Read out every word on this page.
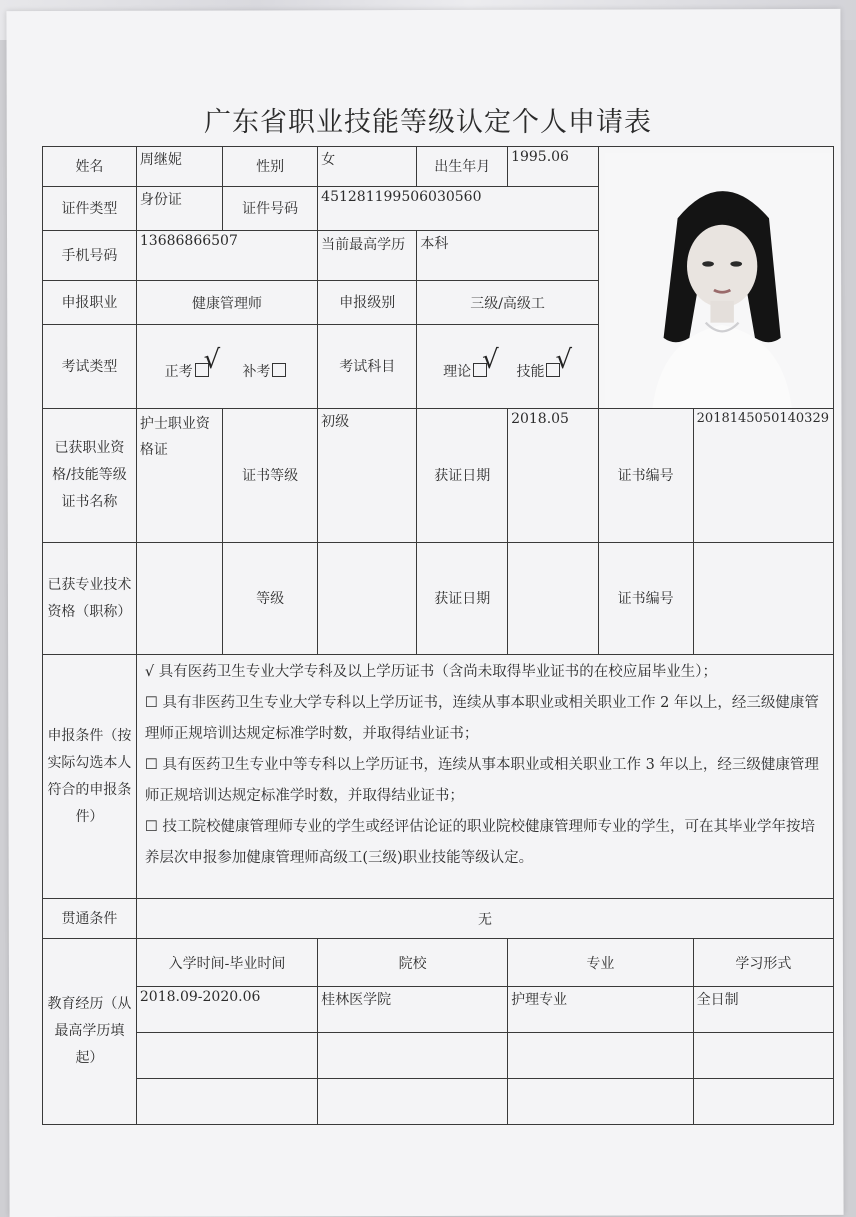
广东省职业技能等级认定个人申请表
姓名	周继妮	性别	女	出生年月	1995.06	

证件类型	身份证	证件号码	451281199506030560				
手机号码	13686866507		当前最高学历	本科			
申报职业	健康管理师		申报级别	三级/高级工			
考试类型	正考 √ 补考		考试科目	理论 √ 技能 √			
已获职业资格/技能等级证书名称	护士职业资格证	证书等级	初级	获证日期	2018.05	证书编号	2018145050140329
已获专业技术资格（职称）		等级		获证日期		证书编号	
申报条件（按实际勾选本人符合的申报条件）	√ 具有医药卫生专业大学专科及以上学历证书（含尚未取得毕业证书的在校应届毕业生）；

☐ 具有非医药卫生专业大学专科以上学历证书，连续从事本职业或相关职业工作 2 年以上，经三级健康管理师正规培训达规定标准学时数，并取得结业证书；

☐ 具有医药卫生专业中等专科以上学历证书，连续从事本职业或相关职业工作 3 年以上，经三级健康管理师正规培训达规定标准学时数，并取得结业证书；

☐ 技工院校健康管理师专业的学生或经评估论证的职业院校健康管理师专业的学生，可在其毕业学年按培养层次申报参加健康管理师高级工(三级)职业技能等级认定。						

贯通条件	无						
教育经历（从最高学历填起）	入学时间-毕业时间		院校		专业		学习形式
	2018.09-2020.06		桂林医学院		护理专业		全日制
